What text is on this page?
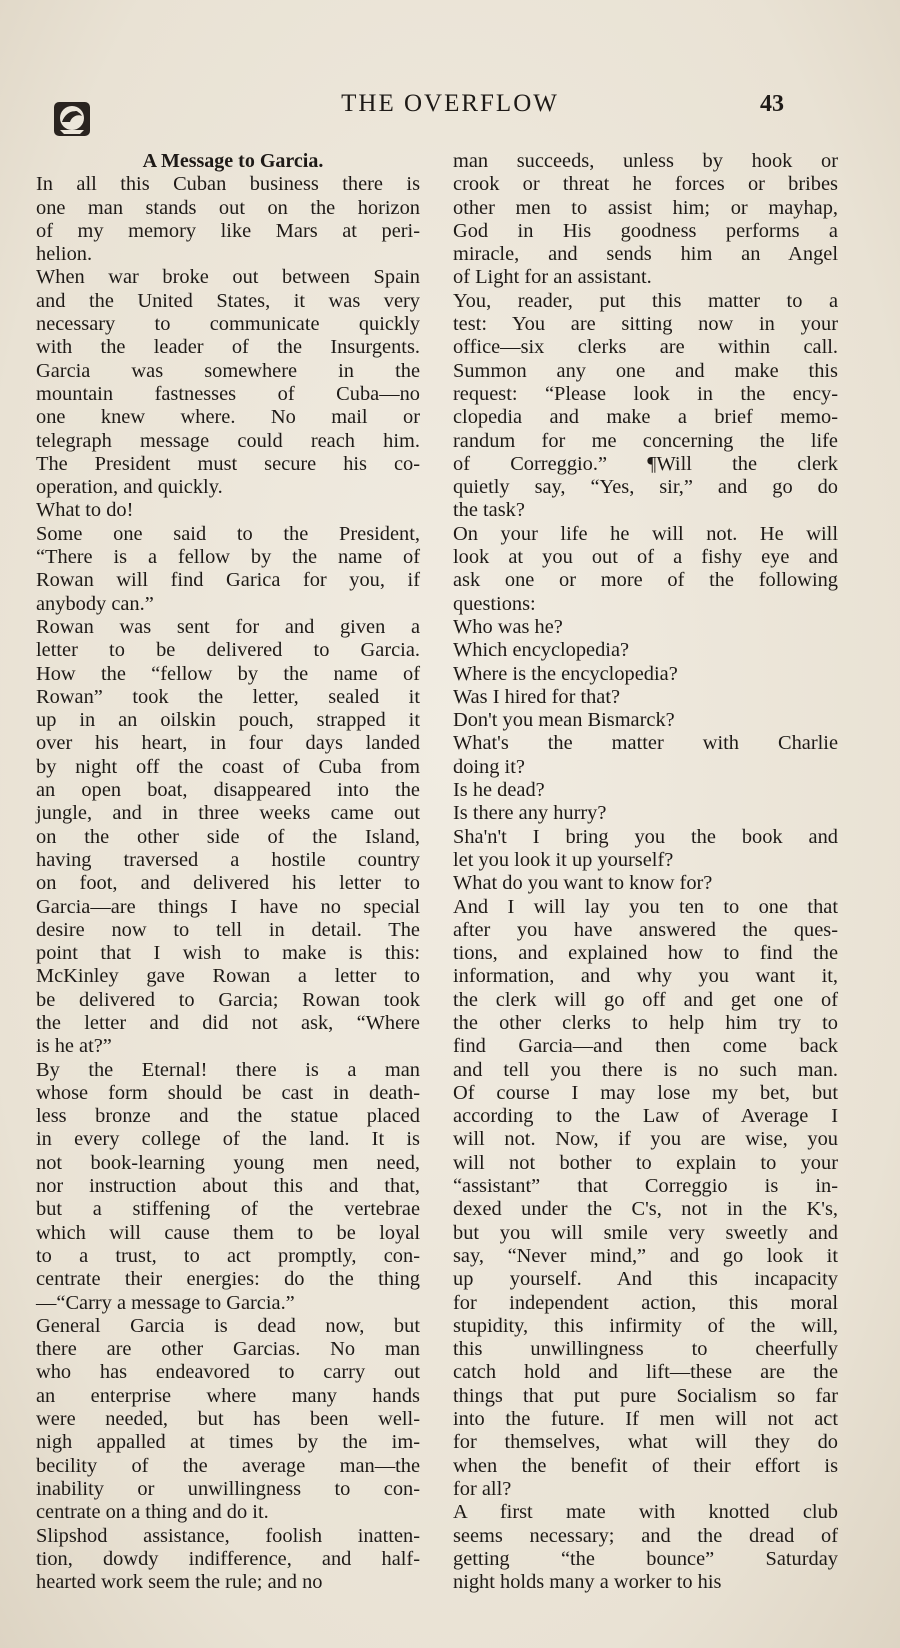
THE OVERFLOW	43
A Message to Garcia.
In all this Cuban business there is
one man stands out on the horizon
of my memory like Mars at peri-
helion.
When war broke out between Spain
and the United States, it was very
necessary to communicate quickly
with the leader of the Insurgents.
Garcia was somewhere in the
mountain fastnesses of Cuba—no
one knew where. No mail or
telegraph message could reach him.
The President must secure his co-
operation, and quickly.
What to do!
Some one said to the President,
“There is a fellow by the name of
Rowan will find Garica for you, if
anybody can.”
Rowan was sent for and given a
letter to be delivered to Garcia.
How the “fellow by the name of
Rowan” took the letter, sealed it
up in an oilskin pouch, strapped it
over his heart, in four days landed
by night off the coast of Cuba from
an open boat, disappeared into the
jungle, and in three weeks came out
on the other side of the Island,
having traversed a hostile country
on foot, and delivered his letter to
Garcia—are things I have no special
desire now to tell in detail. The
point that I wish to make is this:
McKinley gave Rowan a letter to
be delivered to Garcia; Rowan took
the letter and did not ask, “Where
is he at?”
By the Eternal! there is a man
whose form should be cast in death-
less bronze and the statue placed
in every college of the land. It is
not book-learning young men need,
nor instruction about this and that,
but a stiffening of the vertebrae
which will cause them to be loyal
to a trust, to act promptly, con-
centrate their energies: do the thing
—“Carry a message to Garcia.”
General Garcia is dead now, but
there are other Garcias. No man
who has endeavored to carry out
an enterprise where many hands
were needed, but has been well-
nigh appalled at times by the im-
becility of the average man—the
inability or unwillingness to con-
centrate on a thing and do it.
Slipshod assistance, foolish inatten-
tion, dowdy indifference, and half-
hearted work seem the rule; and no
man succeeds, unless by hook or
crook or threat he forces or bribes
other men to assist him; or mayhap,
God in His goodness performs a
miracle, and sends him an Angel
of Light for an assistant.
You, reader, put this matter to a
test: You are sitting now in your
office—six clerks are within call.
Summon any one and make this
request: “Please look in the ency-
clopedia and make a brief memo-
randum for me concerning the life
of Correggio.” ¶Will the clerk
quietly say, “Yes, sir,” and go do
the task?
On your life he will not. He will
look at you out of a fishy eye and
ask one or more of the following
questions:
Who was he?
Which encyclopedia?
Where is the encyclopedia?
Was I hired for that?
Don't you mean Bismarck?
What's the matter with Charlie
doing it?
Is he dead?
Is there any hurry?
Sha'n't I bring you the book and
let you look it up yourself?
What do you want to know for?
And I will lay you ten to one that
after you have answered the ques-
tions, and explained how to find the
information, and why you want it,
the clerk will go off and get one of
the other clerks to help him try to
find Garcia—and then come back
and tell you there is no such man.
Of course I may lose my bet, but
according to the Law of Average I
will not. Now, if you are wise, you
will not bother to explain to your
“assistant” that Correggio is in-
dexed under the C's, not in the K's,
but you will smile very sweetly and
say, “Never mind,” and go look it
up yourself. And this incapacity
for independent action, this moral
stupidity, this infirmity of the will,
this unwillingness to cheerfully
catch hold and lift—these are the
things that put pure Socialism so far
into the future. If men will not act
for themselves, what will they do
when the benefit of their effort is
for all?
A first mate with knotted club
seems necessary; and the dread of
getting “the bounce” Saturday
night holds many a worker to his
